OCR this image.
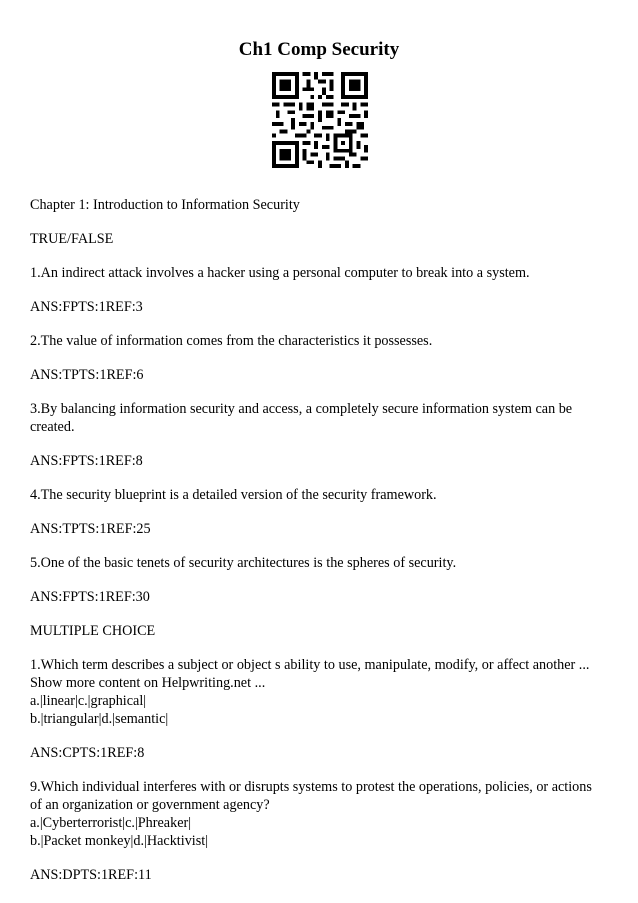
Ch1 Comp Security

Chapter 1: Introduction to Information Security

TRUE/FALSE

1.An indirect attack involves a hacker using a personal computer to break into a system.

ANS:FPTS:1REF:3

2.The value of information comes from the characteristics it possesses.

ANS:TPTS:1REF:6

3.By balancing information security and access, a completely secure information system can be created.

ANS:FPTS:1REF:8

4.The security blueprint is a detailed version of the security framework.

ANS:TPTS:1REF:25

5.One of the basic tenets of security architectures is the spheres of security.

ANS:FPTS:1REF:30

MULTIPLE CHOICE

1.Which term describes a subject or object s ability to use, manipulate, modify, or affect another ...
Show more content on Helpwriting.net ...
a.|linear|c.|graphical|
b.|triangular|d.|semantic|

ANS:CPTS:1REF:8

9.Which individual interferes with or disrupts systems to protest the operations, policies, or actions
of an organization or government agency?
a.|Cyberterrorist|c.|Phreaker|
b.|Packet monkey|d.|Hacktivist|

ANS:DPTS:1REF:11
